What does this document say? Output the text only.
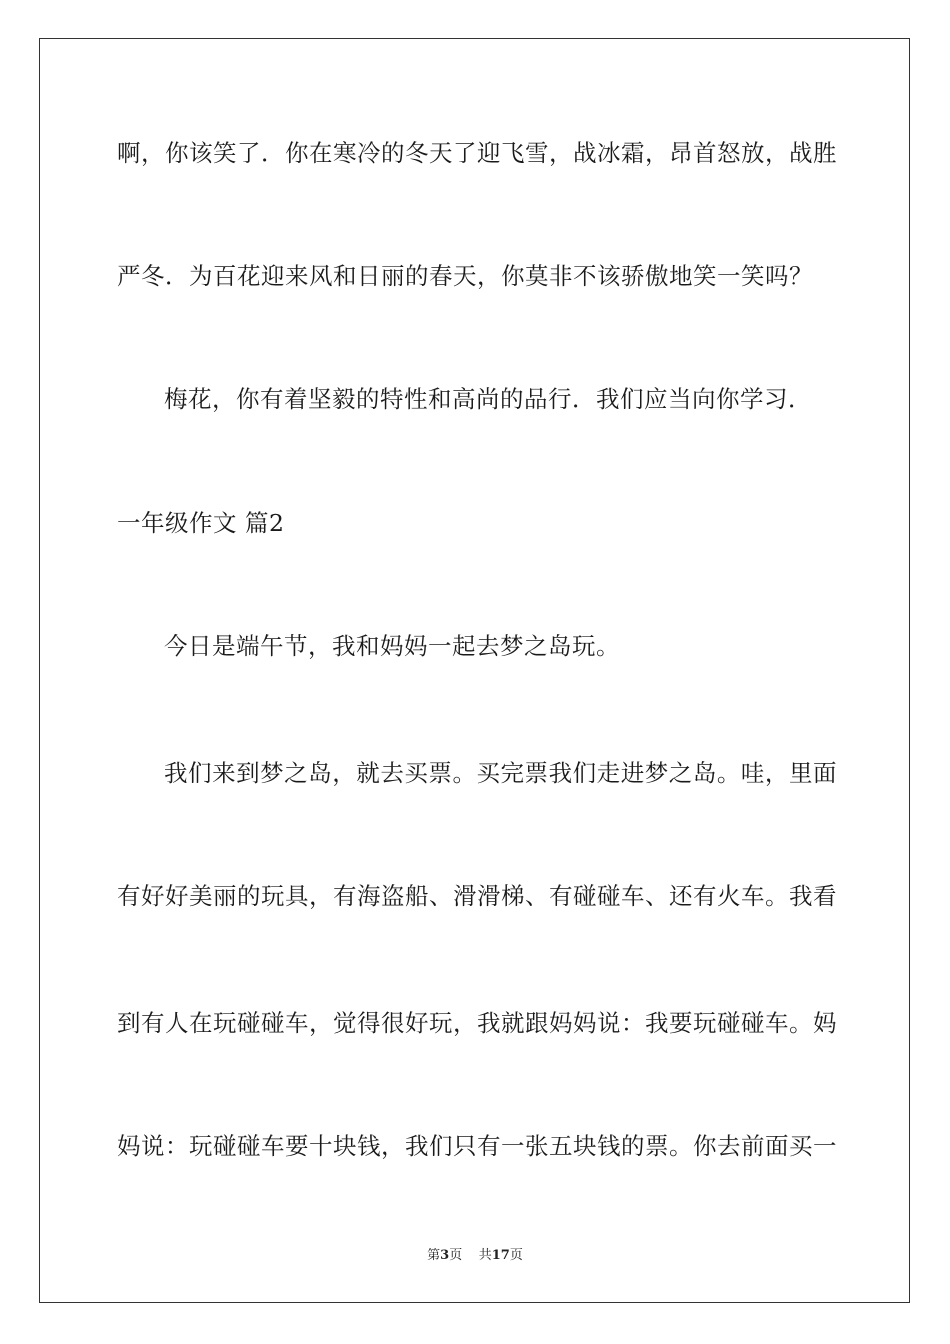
啊，你该笑了．你在寒冷的冬天了迎飞雪，战冰霜，昂首怒放，战胜
严冬．为百花迎来风和日丽的春天，你莫非不该骄傲地笑一笑吗？
梅花，你有着坚毅的特性和高尚的品行．我们应当向你学习．
一年级作文 篇2
今日是端午节，我和妈妈一起去梦之岛玩。
我们来到梦之岛，就去买票。买完票我们走进梦之岛。哇，里面
有好好美丽的玩具，有海盗船、滑滑梯、有碰碰车、还有火车。我看
到有人在玩碰碰车，觉得很好玩，我就跟妈妈说：我要玩碰碰车。妈
妈说：玩碰碰车要十块钱，我们只有一张五块钱的票。你去前面买一
第3页 共17页
